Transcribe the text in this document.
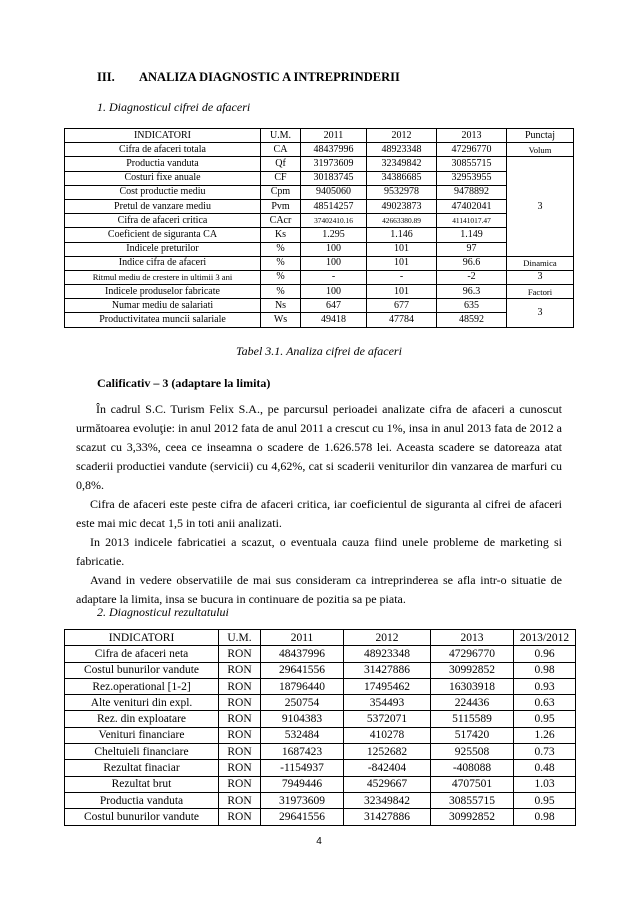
III. ANALIZA DIAGNOSTIC A INTREPRINDERII
1. Diagnosticul cifrei de afaceri
INDICATORI	U.M.	2011	2012	2013	Punctaj
Cifra de afaceri totala	CA	48437996	48923348	47296770	Volum
Productia vanduta	Qf	31973609	32349842	30855715	3
Costuri fixe anuale	CF	30183745	34386685	32953955	
Cost productie mediu	Cpm	9405060	9532978	9478892	
Pretul de vanzare mediu	Pvm	48514257	49023873	47402041	
Cifra de afaceri critica	CAcr	37402410.16	42663380.89	41141017.47	
Coeficient de siguranta CA	Ks	1.295	1.146	1.149	
Indicele preturilor	%	100	101	97	
Indice cifra de afaceri	%	100	101	96.6	Dinamica
Ritmul mediu de crestere in ultimii 3 ani	%	-	-	-2	3
Indicele produselor fabricate	%	100	101	96.3	Factori
Numar mediu de salariati	Ns	647	677	635	3
Productivitatea muncii salariale	Ws	49418	47784	48592	
Tabel 3.1. Analiza cifrei de afaceri
Calificativ – 3 (adaptare la limita)

În cadrul S.C. Turism Felix S.A., pe parcursul perioadei analizate cifra de afaceri a cunoscut următoarea evoluţie: in anul 2012 fata de anul 2011 a crescut cu 1%, insa in anul 2013 fata de 2012 a scazut cu 3,33%, ceea ce inseamna o scadere de 1.626.578 lei. Aceasta scadere se datoreaza atat scaderii productiei vandute (servicii) cu 4,62%, cat si scaderii veniturilor din vanzarea de marfuri cu 0,8%.

Cifra de afaceri este peste cifra de afaceri critica, iar coeficientul de siguranta al cifrei de afaceri este mai mic decat 1,5 in toti anii analizati.

In 2013 indicele fabricatiei a scazut, o eventuala cauza fiind unele probleme de marketing si fabricatie.

Avand in vedere observatiile de mai sus consideram ca intreprinderea se afla intr-o situatie de adaptare la limita, insa se bucura in continuare de pozitia sa pe piata.

2. Diagnosticul rezultatului
INDICATORI	U.M.	2011	2012	2013	2013/2012
Cifra de afaceri neta	RON	48437996	48923348	47296770	0.96
Costul bunurilor vandute	RON	29641556	31427886	30992852	0.98
Rez.operational [1-2]	RON	18796440	17495462	16303918	0.93
Alte venituri din expl.	RON	250754	354493	224436	0.63
Rez. din exploatare	RON	9104383	5372071	5115589	0.95
Venituri financiare	RON	532484	410278	517420	1.26
Cheltuieli financiare	RON	1687423	1252682	925508	0.73
Rezultat finaciar	RON	-1154937	-842404	-408088	0.48
Rezultat brut	RON	7949446	4529667	4707501	1.03
Productia vanduta	RON	31973609	32349842	30855715	0.95
Costul bunurilor vandute	RON	29641556	31427886	30992852	0.98
4
